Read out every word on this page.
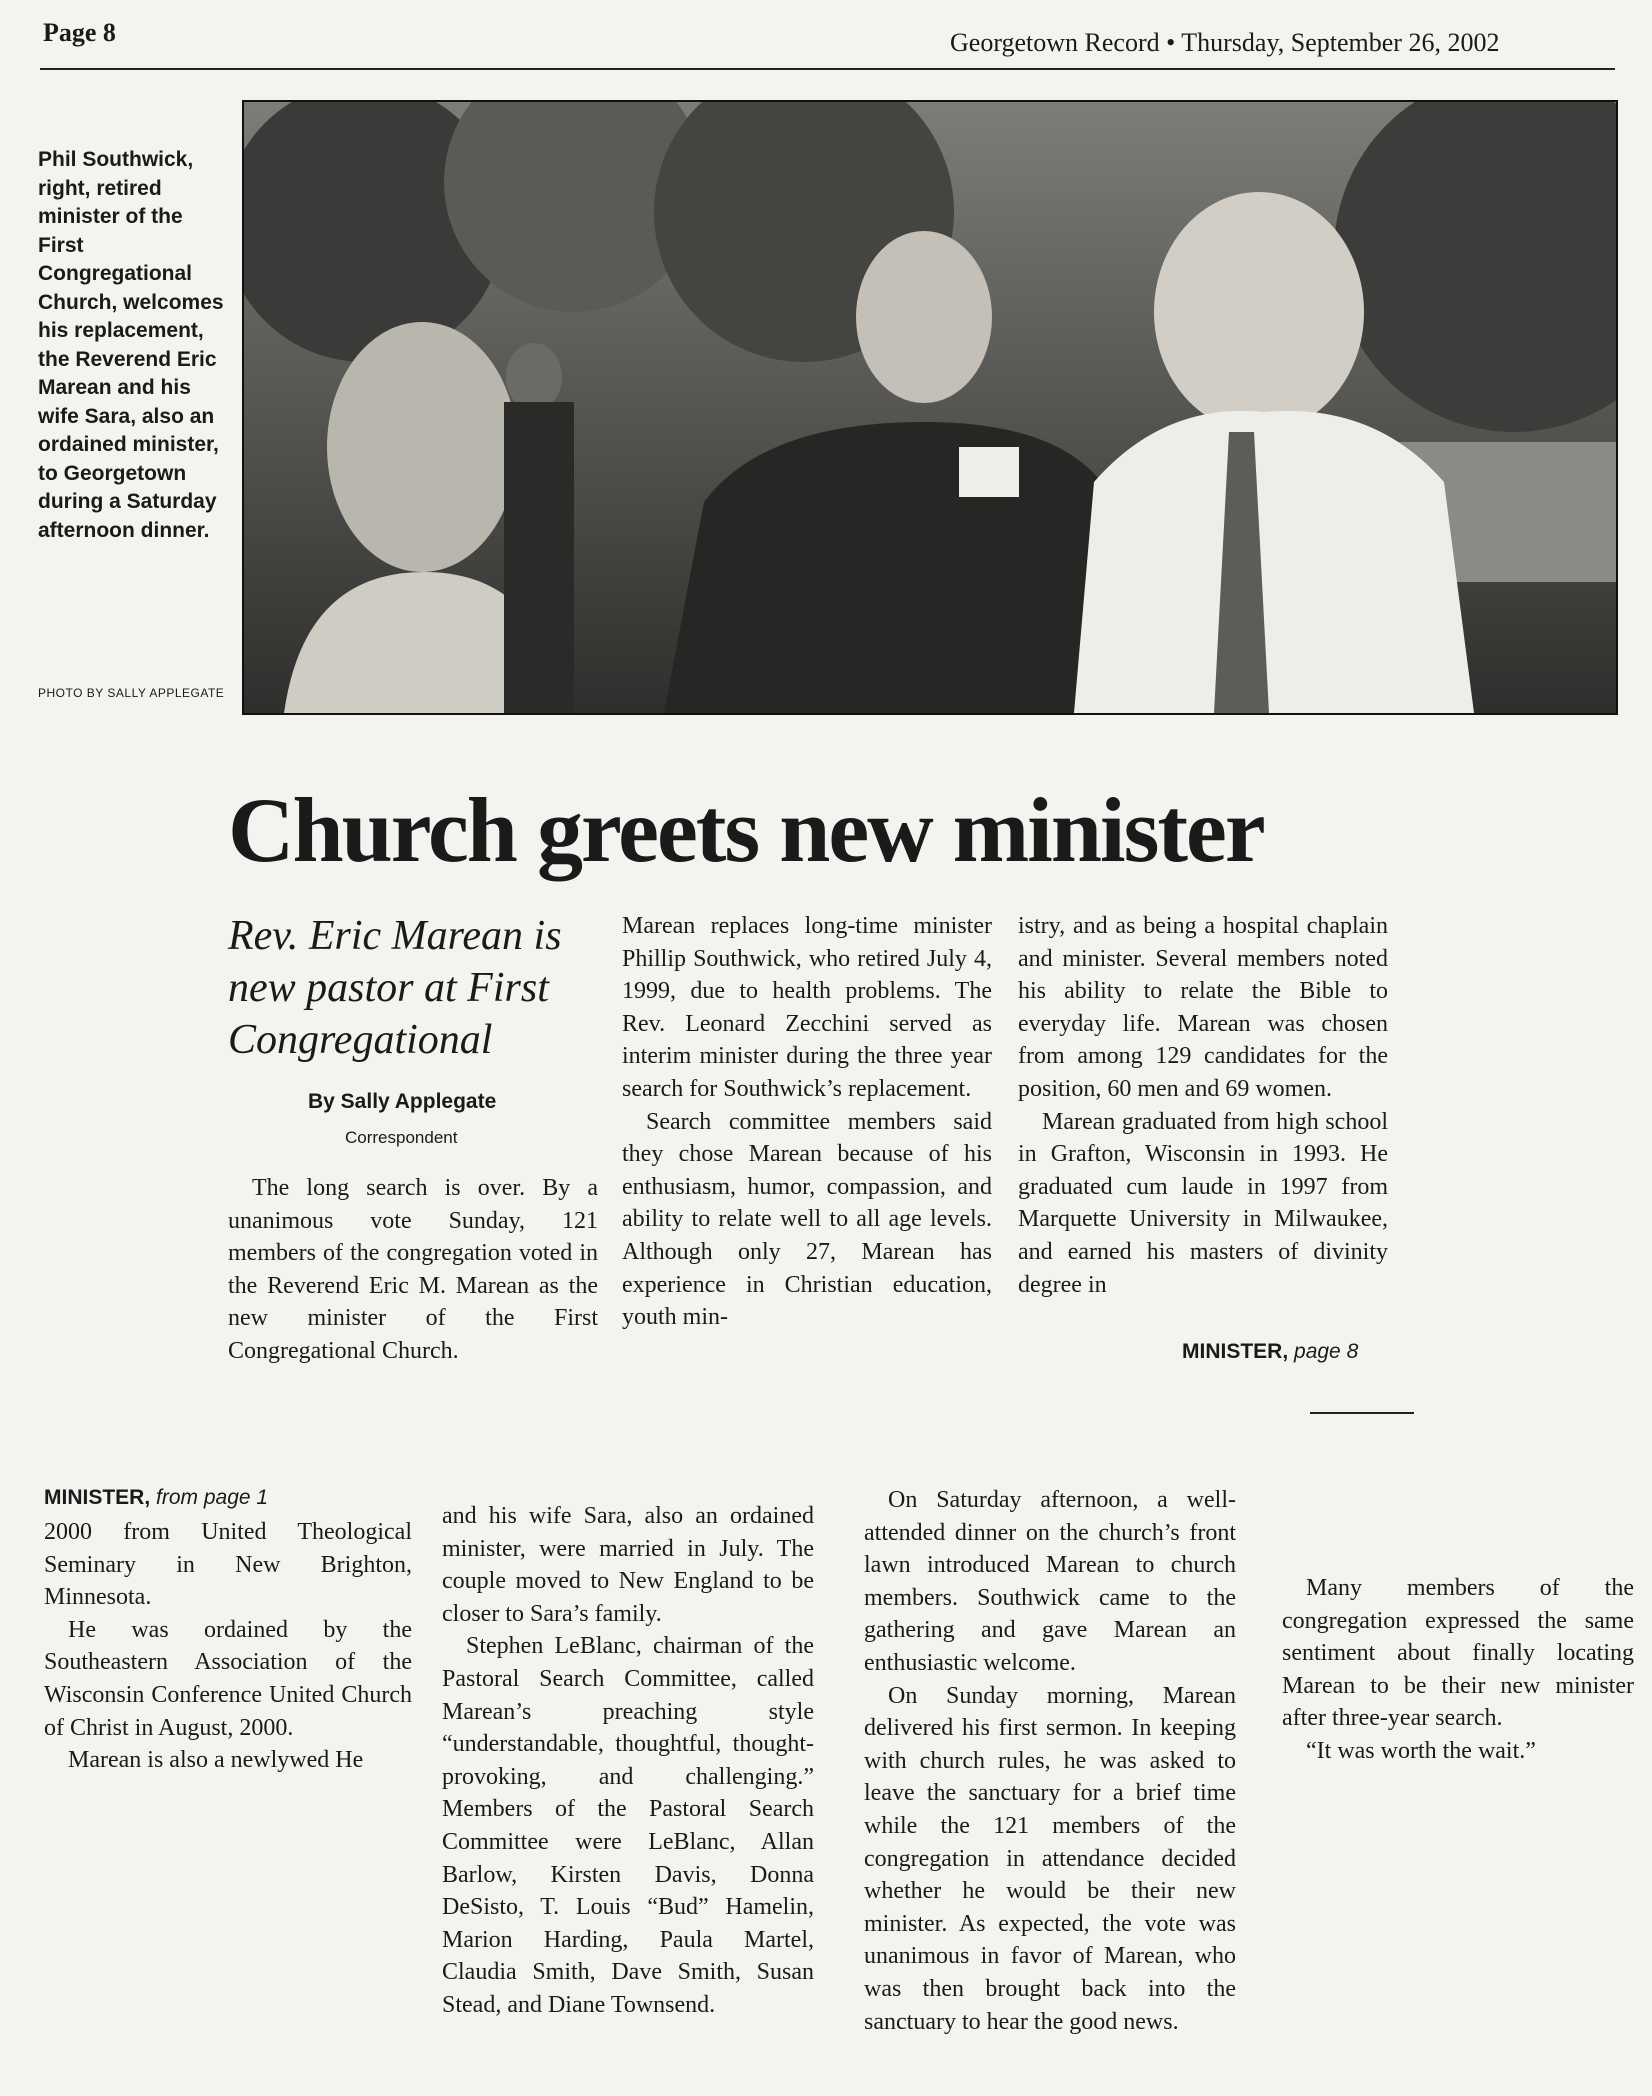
Page 8	Georgetown Record • Thursday, September 26, 2002
Phil Southwick, right, retired minister of the First Congregational Church, welcomes his replacement, the Reverend Eric Marean and his wife Sara, also an ordained minister, to Georgetown during a Saturday afternoon dinner.
PHOTO BY SALLY APPLEGATE
Church greets new minister
Rev. Eric Marean is new pastor at First Congregational
By Sally Applegate
Correspondent

The long search is over. By a unanimous vote Sunday, 121 members of the congregation voted in the Reverend Eric M. Marean as the new minister of the First Congregational Church.

Marean replaces long-time minister Phillip Southwick, who retired July 4, 1999, due to health problems. The Rev. Leonard Zecchini served as interim minister during the three year search for Southwick’s replacement.

Search committee members said they chose Marean because of his enthusiasm, humor, compassion, and ability to relate well to all age levels. Although only 27, Marean has experience in Christian education, youth min-

istry, and as being a hospital chaplain and minister. Several members noted his ability to relate the Bible to everyday life. Marean was chosen from among 129 candidates for the position, 60 men and 69 women.

Marean graduated from high school in Grafton, Wisconsin in 1993. He graduated cum laude in 1997 from Marquette University in Milwaukee, and earned his masters of divinity degree in

MINISTER, page 8
MINISTER, from page 1

2000 from United Theological Seminary in New Brighton, Minnesota.

He was ordained by the Southeastern Association of the Wisconsin Conference United Church of Christ in August, 2000.

Marean is also a newlywed He

and his wife Sara, also an ordained minister, were married in July. The couple moved to New England to be closer to Sara’s family.

Stephen LeBlanc, chairman of the Pastoral Search Committee, called Marean’s preaching style “understandable, thoughtful, thought-provoking, and challenging.” Members of the Pastoral Search Committee were LeBlanc, Allan Barlow, Kirsten Davis, Donna DeSisto, T. Louis “Bud” Hamelin, Marion Harding, Paula Martel, Claudia Smith, Dave Smith, Susan Stead, and Diane Townsend.

On Saturday afternoon, a well-attended dinner on the church’s front lawn introduced Marean to church members. Southwick came to the gathering and gave Marean an enthusiastic welcome.

On Sunday morning, Marean delivered his first sermon. In keeping with church rules, he was asked to leave the sanctuary for a brief time while the 121 members of the congregation in attendance decided whether he would be their new minister. As expected, the vote was unanimous in favor of Marean, who was then brought back into the sanctuary to hear the good news.

Many members of the congregation expressed the same sentiment about finally locating Marean to be their new minister after three-year search.

“It was worth the wait.”
